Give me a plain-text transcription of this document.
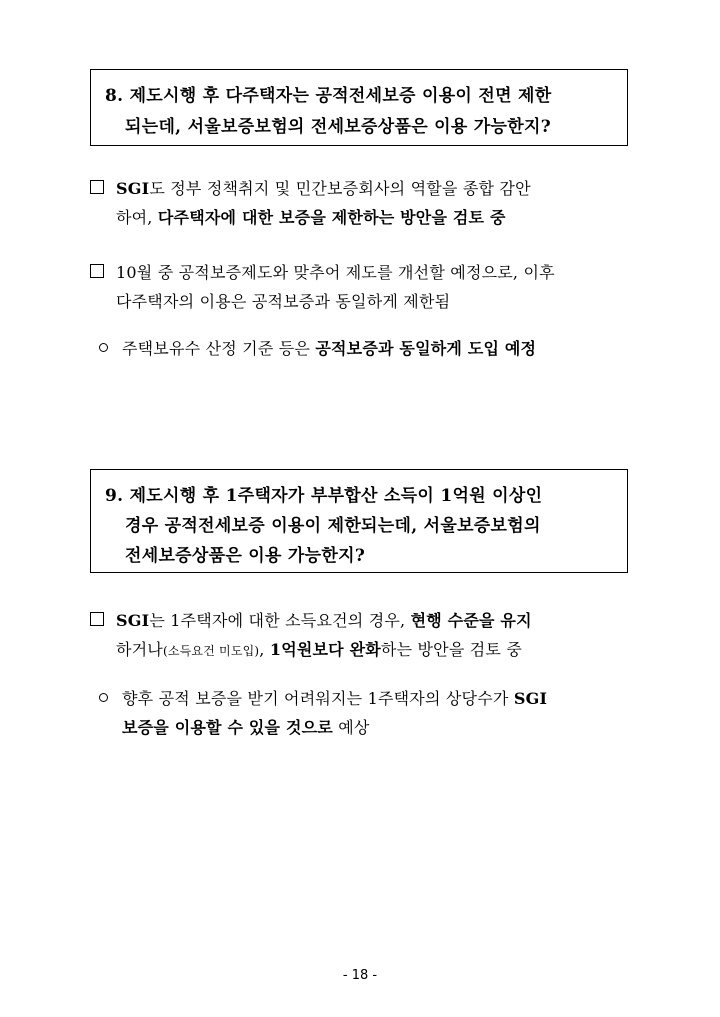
8. 제도시행 후 다주택자는 공적전세보증 이용이 전면 제한
되는데, 서울보증보험의 전세보증상품은 이용 가능한지?
SGI도 정부 정책취지 및 민간보증회사의 역할을 종합 감안
하여, 다주택자에 대한 보증을 제한하는 방안을 검토 중
10월 중 공적보증제도와 맞추어 제도를 개선할 예정으로, 이후
다주택자의 이용은 공적보증과 동일하게 제한됨
주택보유수 산정 기준 등은 공적보증과 동일하게 도입 예정
9. 제도시행 후 1주택자가 부부합산 소득이 1억원 이상인
경우 공적전세보증 이용이 제한되는데, 서울보증보험의
전세보증상품은 이용 가능한지?
SGI는 1주택자에 대한 소득요건의 경우, 현행 수준을 유지
하거나(소득요건 미도입), 1억원보다 완화하는 방안을 검토 중
향후 공적 보증을 받기 어려워지는 1주택자의 상당수가 SGI
보증을 이용할 수 있을 것으로 예상
- 18 -
